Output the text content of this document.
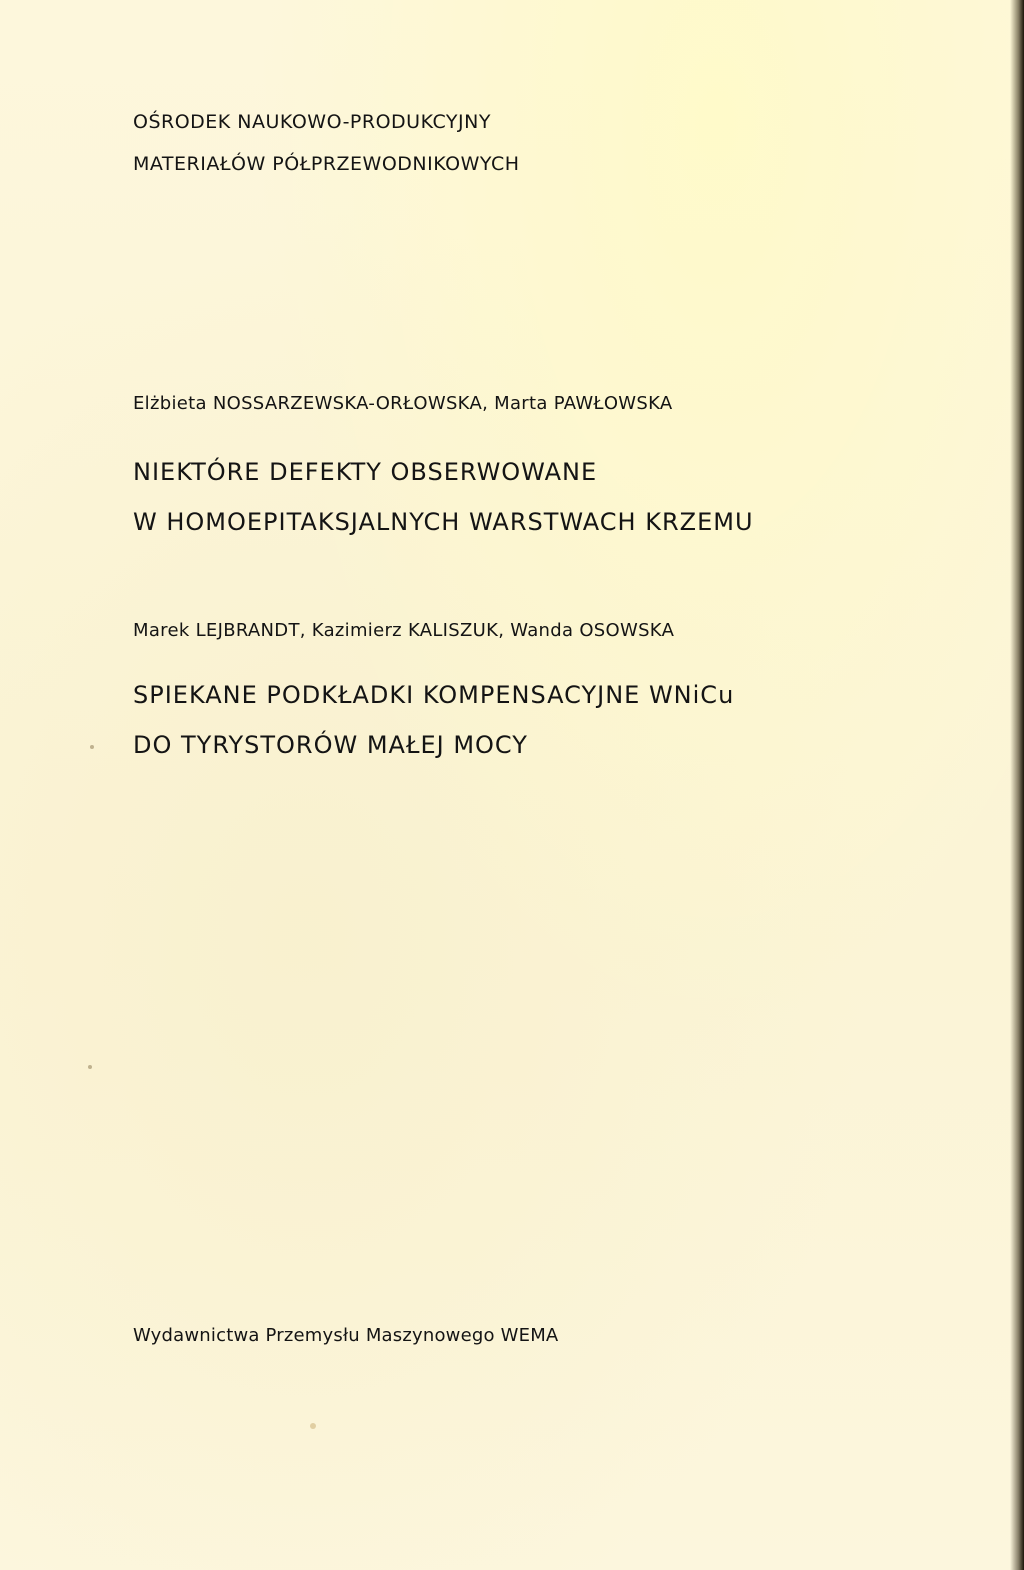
OŚRODEK NAUKOWO-PRODUKCYJNY
MATERIAŁÓW PÓŁPRZEWODNIKOWYCH
Elżbieta NOSSARZEWSKA-ORŁOWSKA, Marta PAWŁOWSKA
NIEKTÓRE DEFEKTY OBSERWOWANE
W HOMOEPITAKSJALNYCH WARSTWACH KRZEMU
Marek LEJBRANDT, Kazimierz KALISZUK, Wanda OSOWSKA
SPIEKANE PODKŁADKI KOMPENSACYJNE WNiCu
DO TYRYSTORÓW MAŁEJ MOCY
Wydawnictwa Przemysłu Maszynowego WEMA
